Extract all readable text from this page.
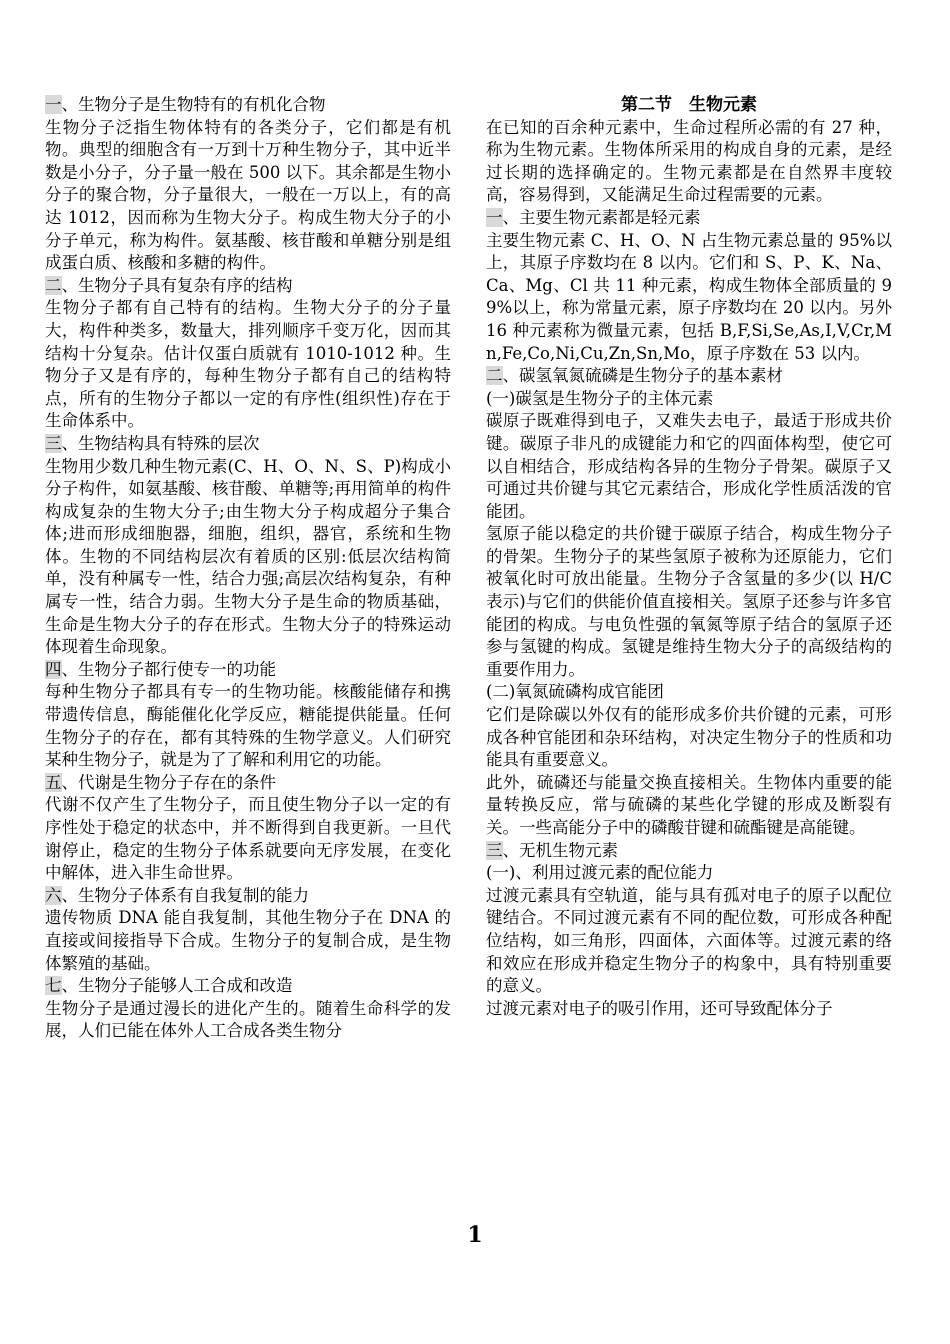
一、生物分子是生物特有的有机化合物

生物分子泛指生物体特有的各类分子，它们都是有机物。典型的细胞含有一万到十万种生物分子，其中近半数是小分子，分子量一般在 500 以下。其余都是生物小分子的聚合物，分子量很大，一般在一万以上，有的高达 1012，因而称为生物大分子。构成生物大分子的小分子单元，称为构件。氨基酸、核苷酸和单糖分别是组成蛋白质、核酸和多糖的构件。

二、生物分子具有复杂有序的结构

生物分子都有自己特有的结构。生物大分子的分子量大，构件种类多，数量大，排列顺序千变万化，因而其结构十分复杂。估计仅蛋白质就有 1010-1012 种。生物分子又是有序的，每种生物分子都有自己的结构特点，所有的生物分子都以一定的有序性(组织性)存在于生命体系中。

三、生物结构具有特殊的层次

生物用少数几种生物元素(C、H、O、N、S、P)构成小分子构件，如氨基酸、核苷酸、单糖等;再用简单的构件构成复杂的生物大分子;由生物大分子构成超分子集合体;进而形成细胞器，细胞，组织，器官，系统和生物体。生物的不同结构层次有着质的区别:低层次结构简单，没有种属专一性，结合力强;高层次结构复杂，有种属专一性，结合力弱。生物大分子是生命的物质基础，生命是生物大分子的存在形式。生物大分子的特殊运动体现着生命现象。

四、生物分子都行使专一的功能

每种生物分子都具有专一的生物功能。核酸能储存和携带遗传信息，酶能催化化学反应，糖能提供能量。任何生物分子的存在，都有其特殊的生物学意义。人们研究某种生物分子，就是为了了解和利用它的功能。

五、代谢是生物分子存在的条件

代谢不仅产生了生物分子，而且使生物分子以一定的有序性处于稳定的状态中，并不断得到自我更新。一旦代谢停止，稳定的生物分子体系就要向无序发展，在变化中解体，进入非生命世界。

六、生物分子体系有自我复制的能力

遗传物质 DNA 能自我复制，其他生物分子在 DNA 的直接或间接指导下合成。生物分子的复制合成，是生物体繁殖的基础。

七、生物分子能够人工合成和改造

生物分子是通过漫长的进化产生的。随着生命科学的发展，人们已能在体外人工合成各类生物分

第二节　生物元素

在已知的百余种元素中，生命过程所必需的有 27 种，称为生物元素。生物体所采用的构成自身的元素，是经过长期的选择确定的。生物元素都是在自然界丰度较高，容易得到，又能满足生命过程需要的元素。

一、主要生物元素都是轻元素

主要生物元素 C、H、O、N 占生物元素总量的 95%以上，其原子序数均在 8 以内。它们和 S、P、K、Na、Ca、Mg、Cl 共 11 种元素，构成生物体全部质量的 99%以上，称为常量元素，原子序数均在 20 以内。另外 16 种元素称为微量元素，包括 B,F,Si,Se,As,I,V,Cr,Mn,Fe,Co,Ni,Cu,Zn,Sn,Mo，原子序数在 53 以内。

二、碳氢氧氮硫磷是生物分子的基本素材
(一)碳氢是生物分子的主体元素

碳原子既难得到电子，又难失去电子，最适于形成共价键。碳原子非凡的成键能力和它的四面体构型，使它可以自相结合，形成结构各异的生物分子骨架。碳原子又可通过共价键与其它元素结合，形成化学性质活泼的官能团。

氢原子能以稳定的共价键于碳原子结合，构成生物分子的骨架。生物分子的某些氢原子被称为还原能力，它们被氧化时可放出能量。生物分子含氢量的多少(以 H/C 表示)与它们的供能价值直接相关。氢原子还参与许多官能团的构成。与电负性强的氧氮等原子结合的氢原子还参与氢键的构成。氢键是维持生物大分子的高级结构的重要作用力。

(二)氧氮硫磷构成官能团

它们是除碳以外仅有的能形成多价共价键的元素，可形成各种官能团和杂环结构，对决定生物分子的性质和功能具有重要意义。

此外，硫磷还与能量交换直接相关。生物体内重要的能量转换反应，常与硫磷的某些化学键的形成及断裂有关。一些高能分子中的磷酸苷键和硫酯键是高能键。

三、无机生物元素
(一)、利用过渡元素的配位能力

过渡元素具有空轨道，能与具有孤对电子的原子以配位键结合。不同过渡元素有不同的配位数，可形成各种配位结构，如三角形，四面体，六面体等。过渡元素的络和效应在形成并稳定生物分子的构象中，具有特别重要的意义。

过渡元素对电子的吸引作用，还可导致配体分子

1
